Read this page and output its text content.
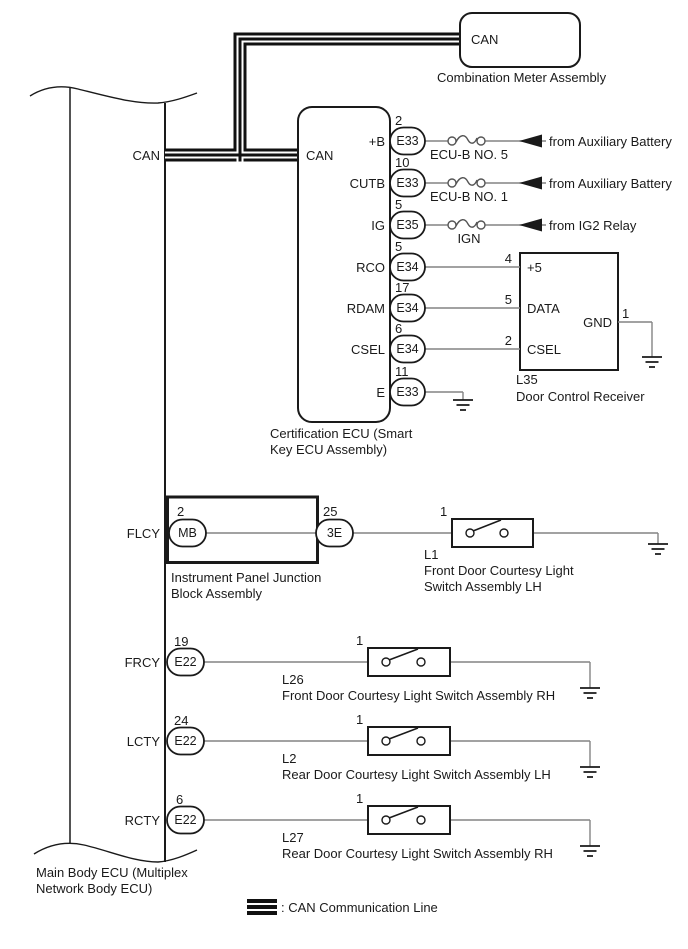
CAN
Combination Meter Assembly
CAN	CAN
+B
CUTB
IG
RCO
RDAM
CSEL
E
2
10
5
5
17
6
11
E33
E33
E35
E34
E34
E34
E33
ECU-B NO. 5
ECU-B NO. 1
IGN
from Auxiliary Battery
from Auxiliary Battery
from IG2 Relay
Certification ECU (Smart
Key ECU Assembly)
4
+5
5
DATA
2
CSEL
GND
1
L35
Door Control Receiver
FLCY
2
MB
25
3E
Instrument Panel Junction
Block Assembly
1
L1
Front Door Courtesy Light
Switch Assembly LH
FRCY
19
E22
1
L26
Front Door Courtesy Light Switch Assembly RH
LCTY
24
E22
1
L2
Rear Door Courtesy Light Switch Assembly LH
RCTY
6
E22
1
L27
Rear Door Courtesy Light Switch Assembly RH
Main Body ECU (Multiplex
Network Body ECU)
: CAN Communication Line
